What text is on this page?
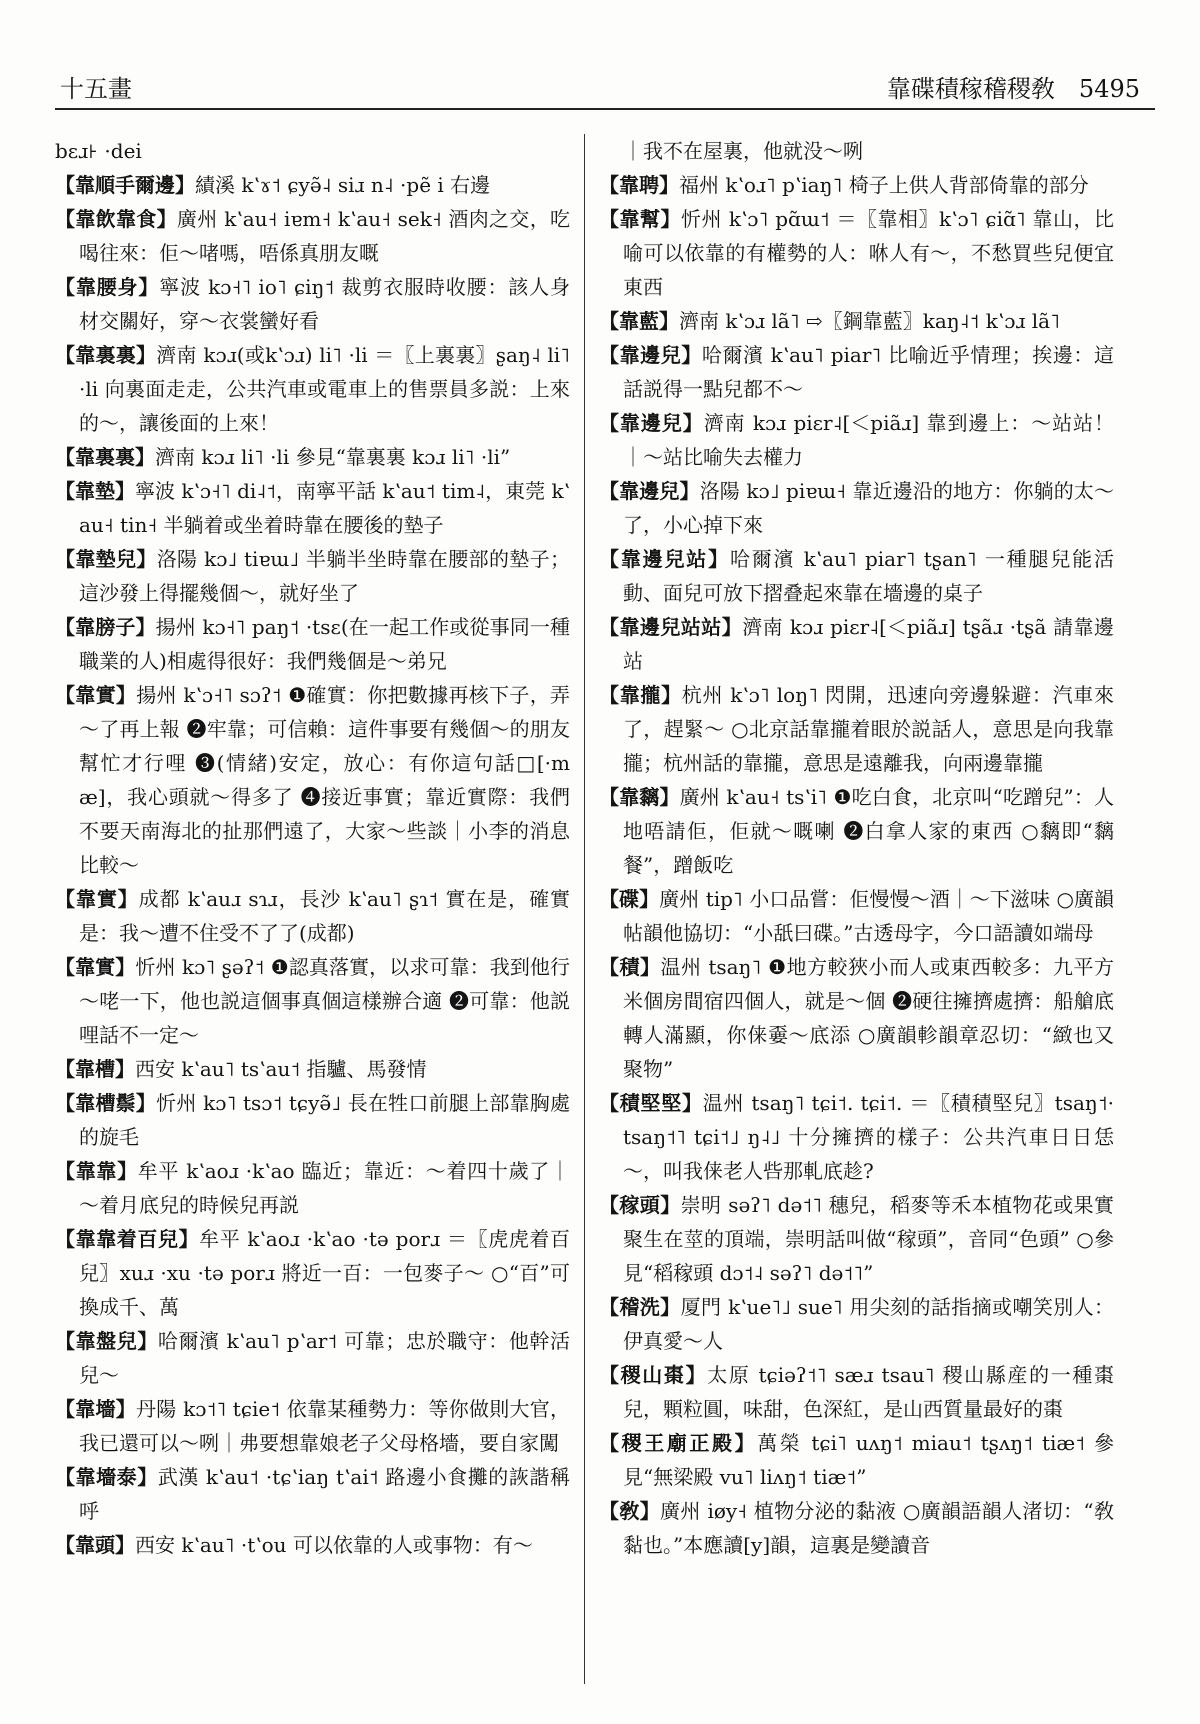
十五畫	靠碟積稼稽稷敎　5495

bɛɹ꜔ ·dei

【靠順手爾邊】績溪 kʽɤ˦ ɕyə̃˨ siɹ n˨ ·pẽ i 右邊

【靠飲靠食】廣州 kʽau˧ iɐm˧ kʽau˧ sek˧ 酒肉之交，吃喝往來：佢～啫嗎，唔係真朋友嘅

【靠腰身】寧波 kɔ˧˥ io˥ ɕiŋ˦ 裁剪衣服時收腰：該人身材交關好，穿～衣裳蠻好看

【靠裏裏】濟南 kɔɹ(或kʽɔɹ) li˥ ·li ＝〖上裏裏〗ʂaŋ˨ li˥ ·li 向裏面走走，公共汽車或電車上的售票員多説：上來的～，讓後面的上來！

【靠裏裏】濟南 kɔɹ li˥ ·li 參見“靠裏裏 kɔɹ li˥ ·li”

【靠墊】寧波 kʽɔ˧˥ di˨˦，南寧平話 kʽau˦ tim˨，東莞 kʽau˧ tin˧ 半躺着或坐着時靠在腰後的墊子

【靠墊兒】洛陽 kɔ˩ tiɐɯ˩ 半躺半坐時靠在腰部的墊子；這沙發上得擺幾個～，就好坐了

【靠膀子】揚州 kɔ˧˥ paŋ˦ ·tsɛ(在一起工作或從事同一種職業的人)相處得很好：我們幾個是～弟兄

【靠實】揚州 kʽɔ˧˥ sɔʔ˦ ❶確實：你把數據再核下子，弄～了再上報 ❷牢靠；可信賴：這件事要有幾個～的朋友幫忙才行哩 ❸(情緒)安定，放心：有你這句話□[·mæ]，我心頭就～得多了 ❹接近事實；靠近實際：我們不要天南海北的扯那們遠了，大家～些談｜小李的消息比較～

【靠實】成都 kʽauɹ sɿɹ，長沙 kʽau˥ ʂɿ˦ 實在是，確實是：我～遭不住受不了了(成都)

【靠實】忻州 kɔ˥ ʂəʔ˦ ❶認真落實，以求可靠：我到他行～咾一下，他也説這個事真個這樣辦合適 ❷可靠：他説哩話不一定～

【靠槽】西安 kʽau˥ tsʽau˦ 指驢、馬發情

【靠槽鬃】忻州 kɔ˥ tsɔ˦ tɕyə̃˩ 長在牲口前腿上部靠胸處的旋毛

【靠靠】牟平 kʽaoɹ ·kʽao 臨近；靠近：～着四十歲了｜～着月底兒的時候兒再説

【靠靠着百兒】牟平 kʽaoɹ ·kʽao ·tə porɹ ＝〖虎虎着百兒〗xuɹ ·xu ·tə porɹ 將近一百：一包麥子～ ○“百”可換成千、萬

【靠盤兒】哈爾濱 kʽau˥ pʽar˦ 可靠；忠於職守：他幹活兒～

【靠墻】丹陽 kɔ˦˥ tɕie˦ 依靠某種勢力：等你做則大官，我已還可以～咧｜弗要想靠娘老子父母格墻，要自家闖

【靠墻泰】武漢 kʽau˦ ·tɕʽiaŋ tʽai˦ 路邊小食攤的詼諧稱呼

【靠頭】西安 kʽau˥ ·tʽou 可以依靠的人或事物：有～

｜我不在屋裏，他就没～咧

【靠聘】福州 kʽoɹ˥ pʽiaŋ˥ 椅子上供人背部倚靠的部分

【靠幫】忻州 kʽɔ˥ pɑ̃ɯ˦ ＝〖靠相〗kʽɔ˥ ɕiɑ̃˥ 靠山，比喻可以依靠的有權勢的人：咻人有～，不愁買些兒便宜東西

【靠藍】濟南 kʽɔɹ lã˥ ⇨〖鋼靠藍〗kaŋ˨˦ kʽɔɹ lã˥

【靠邊兒】哈爾濱 kʽau˥ piar˥ 比喻近乎情理；挨邊：這話説得一點兒都不～

【靠邊兒】濟南 kɔɹ piɛr˨[＜piãɹ] 靠到邊上：～站站！｜～站比喻失去權力

【靠邊兒】洛陽 kɔ˩ piɐɯ˧ 靠近邊沿的地方：你躺的太～了，小心掉下來

【靠邊兒站】哈爾濱 kʽau˥ piar˥ tʂan˥ 一種腿兒能活動、面兒可放下摺叠起來靠在墻邊的桌子

【靠邊兒站站】濟南 kɔɹ piɛr˨[＜piãɹ] tʂãɹ ·tʂã 請靠邊站

【靠攏】杭州 kʽɔ˥ loŋ˥ 閃開，迅速向旁邊躲避：汽車來了，趕緊～ ○北京話靠攏着眼於説話人，意思是向我靠攏；杭州話的靠攏，意思是遠離我，向兩邊靠攏

【靠黐】廣州 kʽau˧ tsʽi˥ ❶吃白食，北京叫“吃蹭兒”：人地唔請佢，佢就～嘅喇 ❷白拿人家的東西 ○黐即“黐餐”，蹭飯吃

【碟】廣州 tip˥ 小口品嘗：佢慢慢～酒｜～下滋味 ○廣韻帖韻他協切：“小舐曰碟。”古透母字，今口語讀如端母

【積】温州 tsaŋ˥ ❶地方較狹小而人或東西較多：九平方米個房間宿四個人，就是～個 ❷硬往擁擠處擠：船艙底轉人滿顯，你俫嫑～底添 ○廣韻軫韻章忍切：“緻也又聚物”

【積堅堅】温州 tsaŋ˥ tɕi˦. tɕi˦. ＝〖積積堅兒〗tsaŋ˦· tsaŋ˦˥ tɕi˦˩ ŋ˨˩ 十分擁擠的樣子：公共汽車日日恁～，叫我俫老人呰那軋底趁?

【稼頭】崇明 səʔ˥ də˦˥ 穗兒，稻麥等禾本植物花或果實聚生在莖的頂端，崇明話叫做“稼頭”，音同“色頭” ○參見“稻稼頭 dɔ˦˨ səʔ˥ də˦˥”

【稽洗】厦門 kʽue˥˩ sue˥ 用尖刻的話指摘或嘲笑別人：伊真愛～人

【稷山棗】太原 tɕiəʔ˦˥ sæɹ tsau˥ 稷山縣産的一種棗兒，顆粒圓，味甜，色深紅，是山西質量最好的棗

【稷王廟正殿】萬榮 tɕi˥ uʌŋ˦ miau˦ tʂʌŋ˦ tiæ˦ 參見“無梁殿 vu˥ liʌŋ˦ tiæ˦”

【敎】廣州 iøy˧ 植物分泌的黏液 ○廣韻語韻人渚切：“敎黏也。”本應讀[y]韻，這裏是變讀音
